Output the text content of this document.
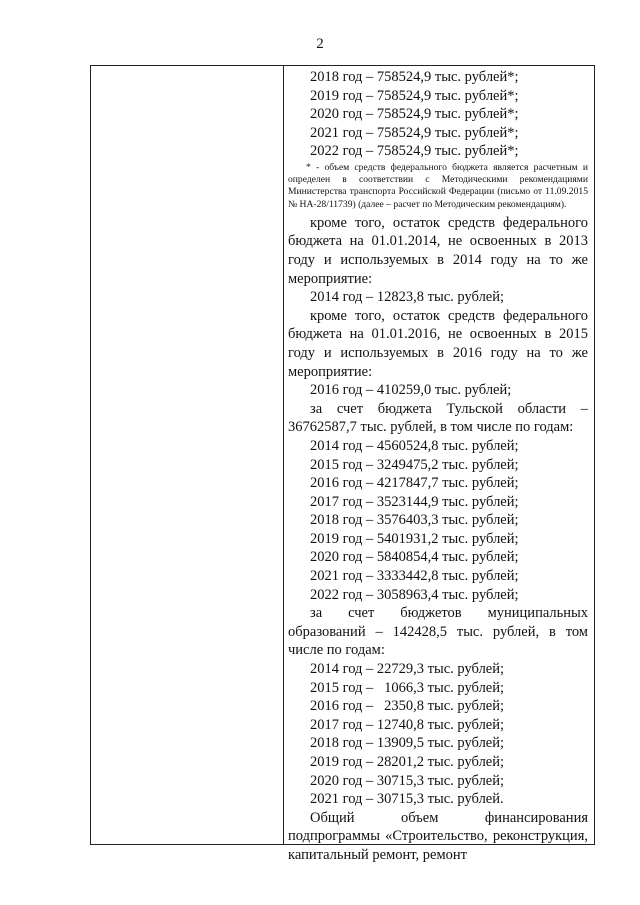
2
2018 год – 758524,9 тыс. рублей*;
2019 год – 758524,9 тыс. рублей*;
2020 год – 758524,9 тыс. рублей*;
2021 год – 758524,9 тыс. рублей*;
2022 год – 758524,9 тыс. рублей*;
* - объем средств федерального бюджета является расчетным и определен в соответствии с Методическими рекомендациями Министерства транспорта Российской Федерации (письмо от 11.09.2015 № НА-28/11739) (далее – расчет по Методическим рекомендациям).
кроме того, остаток средств федерального бюджета на 01.01.2014, не освоенных в 2013 году и используемых в 2014 году на то же мероприятие:
2014 год – 12823,8 тыс. рублей;
кроме того, остаток средств федерального бюджета на 01.01.2016, не освоенных в 2015 году и используемых в 2016 году на то же мероприятие:
2016 год – 410259,0 тыс. рублей;
за счет бюджета Тульской области – 36762587,7 тыс. рублей, в том числе по годам:
2014 год – 4560524,8 тыс. рублей;
2015 год – 3249475,2 тыс. рублей;
2016 год – 4217847,7 тыс. рублей;
2017 год – 3523144,9 тыс. рублей;
2018 год – 3576403,3 тыс. рублей;
2019 год – 5401931,2 тыс. рублей;
2020 год – 5840854,4 тыс. рублей;
2021 год – 3333442,8 тыс. рублей;
2022 год – 3058963,4 тыс. рублей;
за счет бюджетов муниципальных образований – 142428,5 тыс. рублей, в том числе по годам:
2014 год – 22729,3 тыс. рублей;
2015 год –   1066,3 тыс. рублей;
2016 год –   2350,8 тыс. рублей;
2017 год – 12740,8 тыс. рублей;
2018 год – 13909,5 тыс. рублей;
2019 год – 28201,2 тыс. рублей;
2020 год – 30715,3 тыс. рублей;
2021 год – 30715,3 тыс. рублей.
Общий объем финансирования подпрограммы «Строительство, реконструкция, капитальный ремонт, ремонт
